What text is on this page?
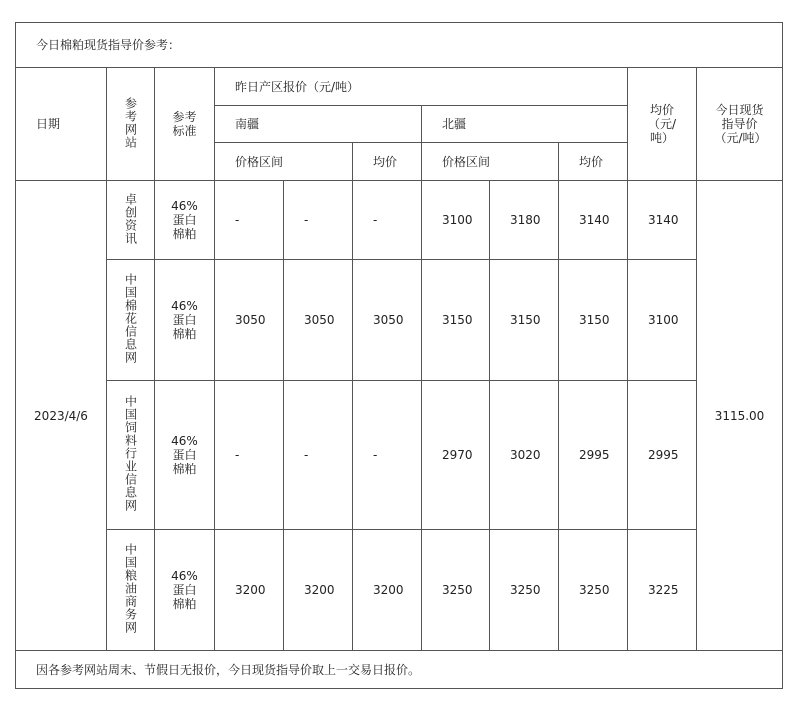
今日棉粕现货指导价参考：										
日期	参考网站	参考标准	昨日产区报价（元/吨）						均价（元/吨）	今日现货指导价（元/吨）
			南疆			北疆				
			价格区间		均价	价格区间		均价		
2023/4/6	卓创资讯	46%蛋白棉粕	-	-	-	3100	3180	3140	3140	3115.00
	中国棉花信息网	46%蛋白棉粕	3050	3050	3050	3150	3150	3150	3100	
	中国饲料行业信息网	46%蛋白棉粕	-	-	-	2970	3020	2995	2995	
	中国粮油商务网	46%蛋白棉粕	3200	3200	3200	3250	3250	3250	3225	
因各参考网站周末、节假日无报价，今日现货指导价取上一交易日报价。										
